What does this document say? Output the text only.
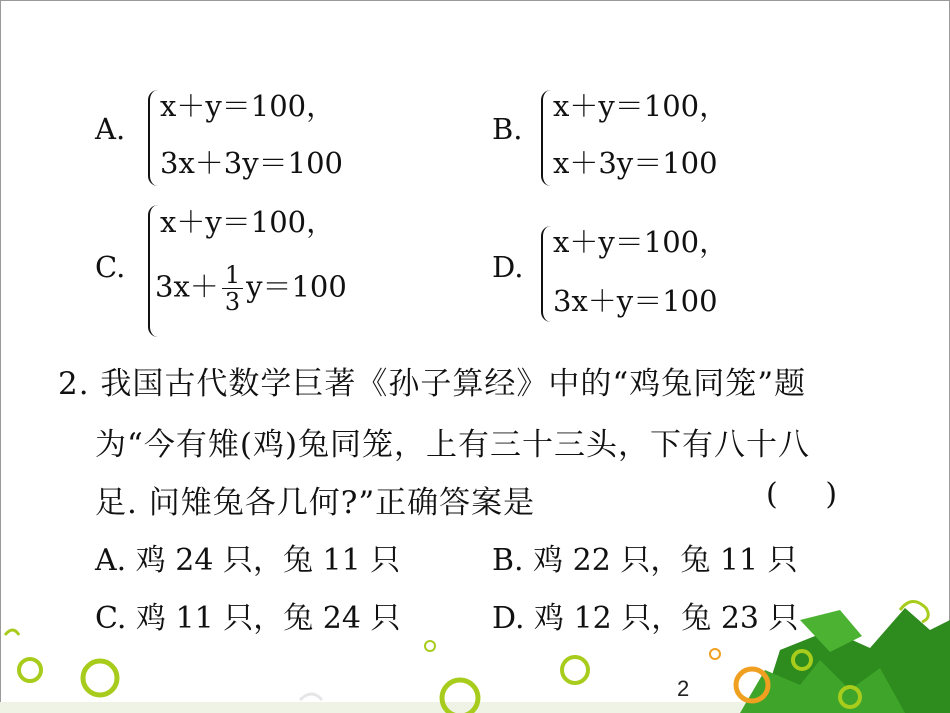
A.
x＋y＝100，
3x＋3y＝100
B.
x＋y＝100，
x＋3y＝100
C.
x＋y＝100，
$3x+ \frac{1}{3} y=100$
D.
x＋y＝100，
3x＋y＝100
2. 我国古代数学巨著《孙子算经》中的“鸡兔同笼”题
为“今有雉(鸡)兔同笼，上有三十三头，下有八十八
足. 问雉兔各几何?”正确答案是	(     )
A. 鸡 24 只，兔 11 只	B. 鸡 22 只，兔 11 只
C. 鸡 11 只，兔 24 只	D. 鸡 12 只，兔 23 只
2
